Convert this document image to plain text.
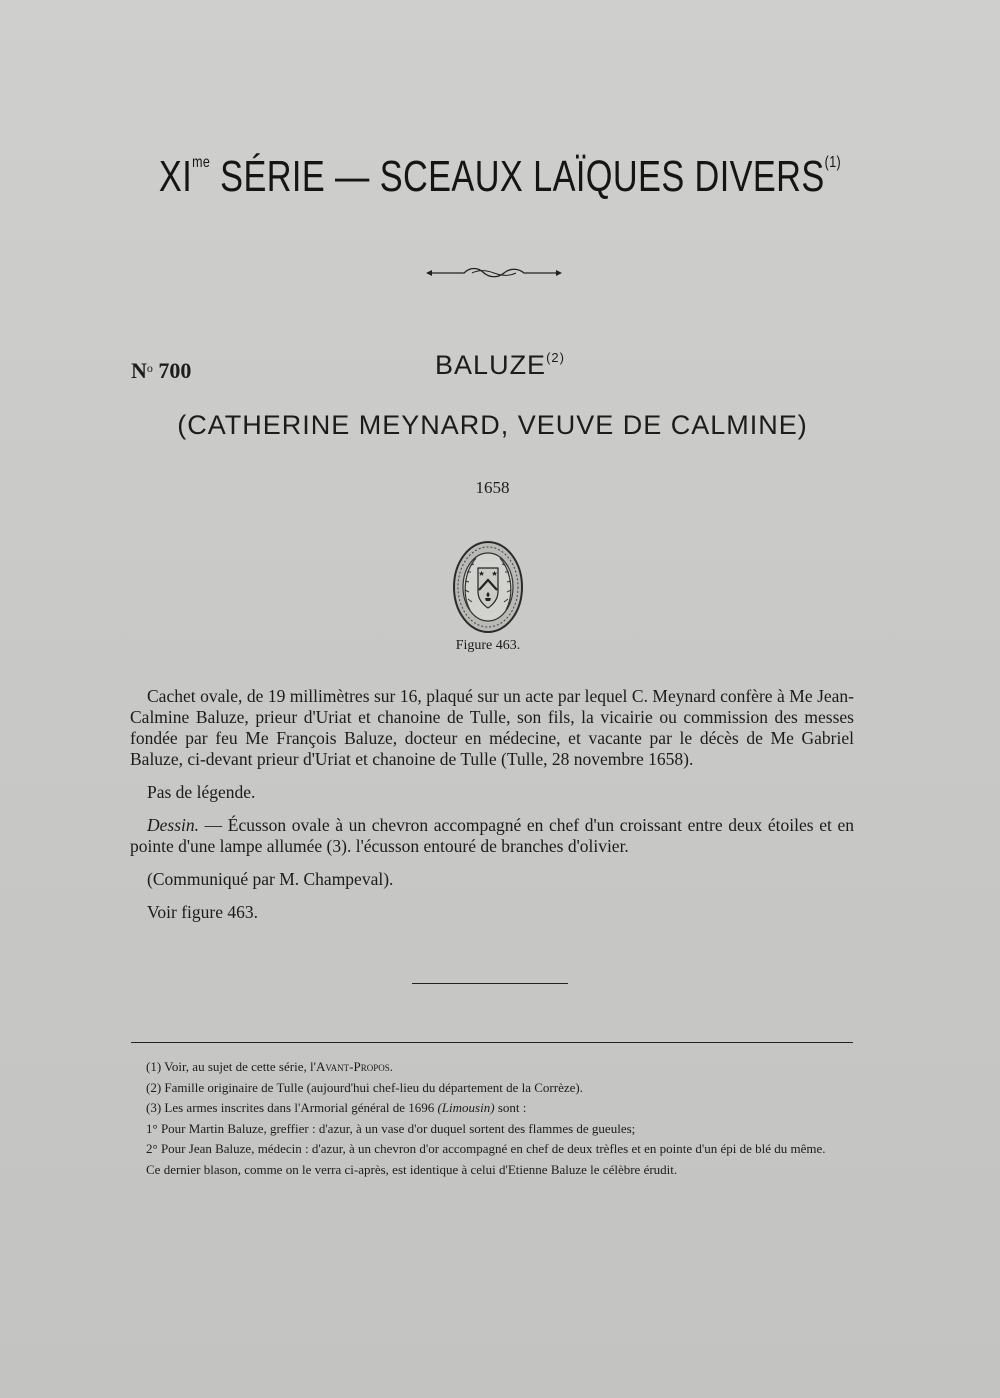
$XI^{me}$ SÉRIE — SCEAUX LAÏQUES DIVERS$^{(1)}$
$N^o$ 700	BALUZE$^{(2)}$
(CATHERINE MEYNARD, VEUVE DE CALMINE)
1658
Figure 463.

Cachet ovale, de 19 millimètres sur 16, plaqué sur un acte par lequel C. Meynard confère à Me Jean-Calmine Baluze, prieur d'Uriat et chanoine de Tulle, son fils, la vicairie ou commission des messes fondée par feu Me François Baluze, docteur en médecine, et vacante par le décès de Me Gabriel Baluze, ci-devant prieur d'Uriat et chanoine de Tulle (Tulle, 28 novembre 1658).

Pas de légende.

Dessin. — Écusson ovale à un chevron accompagné en chef d'un croissant entre deux étoiles et en pointe d'une lampe allumée (3). l'écusson entouré de branches d'olivier.

(Communiqué par M. Champeval).

Voir figure 463.

(1) Voir, au sujet de cette série, l'Avant-Propos.

(2) Famille originaire de Tulle (aujourd'hui chef-lieu du département de la Corrèze).

(3) Les armes inscrites dans l'Armorial général de 1696 (Limousin) sont :

1° Pour Martin Baluze, greffier : d'azur, à un vase d'or duquel sortent des flammes de gueules;

2° Pour Jean Baluze, médecin : d'azur, à un chevron d'or accompagné en chef de deux trèfles et en pointe d'un épi de blé du même.

Ce dernier blason, comme on le verra ci-après, est identique à celui d'Etienne Baluze le célèbre érudit.
